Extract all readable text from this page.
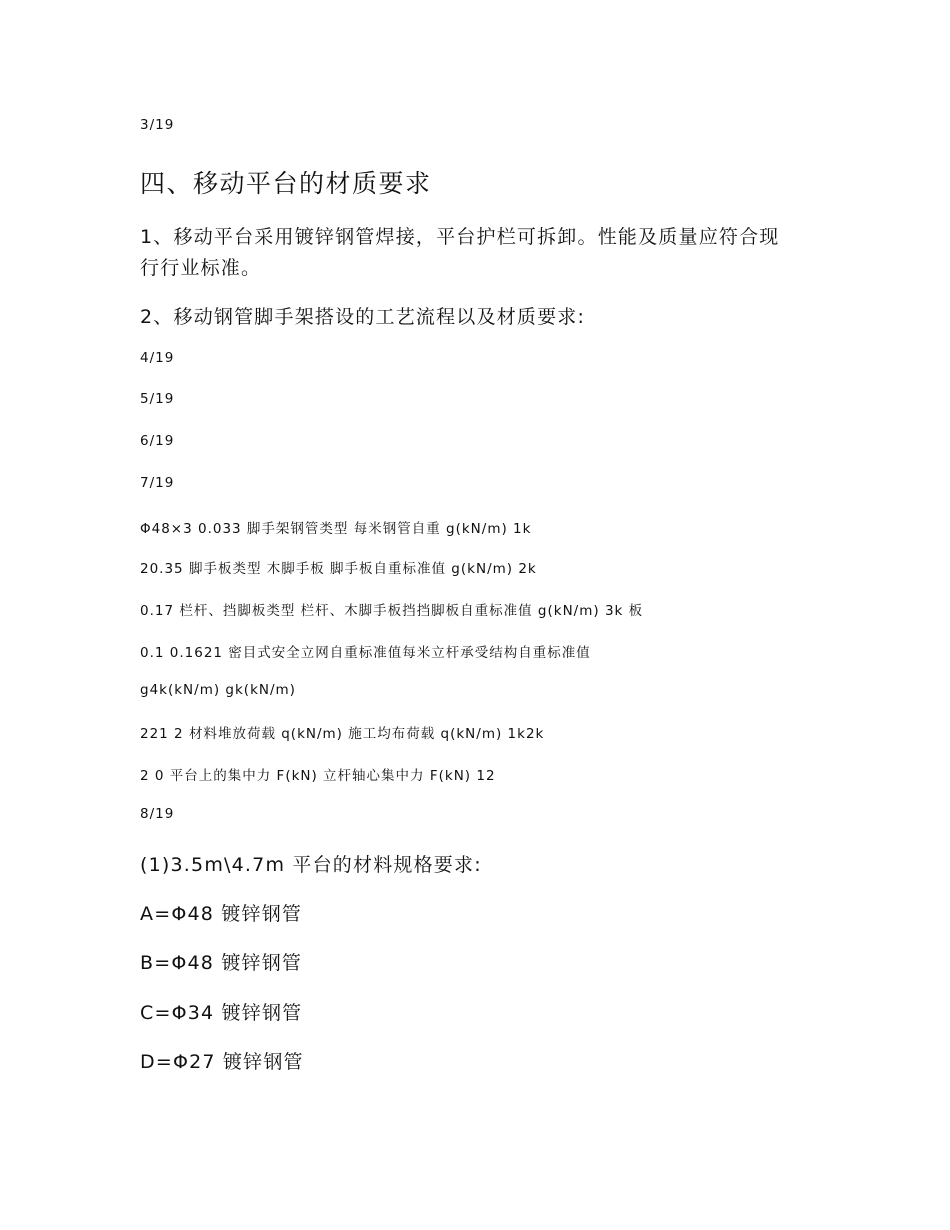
3/19
四、移动平台的材质要求
1、移动平台采用镀锌钢管焊接，平台护栏可拆卸。性能及质量应符合现
行行业标准。
2、移动钢管脚手架搭设的工艺流程以及材质要求:
4/19
5/19
6/19
7/19
Φ48×3 0.033 脚手架钢管类型 每米钢管自重 g(kN/m) 1k
20.35 脚手板类型 木脚手板 脚手板自重标准值 g(kN/m) 2k
0.17 栏杆、挡脚板类型 栏杆、木脚手板挡挡脚板自重标准值 g(kN/m) 3k 板
0.1 0.1621 密目式安全立网自重标准值每米立杆承受结构自重标准值
g4k(kN/m) gk(kN/m)
221 2 材料堆放荷载 q(kN/m) 施工均布荷载 q(kN/m) 1k2k
2 0 平台上的集中力 F(kN) 立杆轴心集中力 F(kN) 12
8/19
(1)3.5m\4.7m 平台的材料规格要求:
A=Φ48 镀锌钢管
B=Φ48 镀锌钢管
C=Φ34 镀锌钢管
D=Φ27 镀锌钢管
